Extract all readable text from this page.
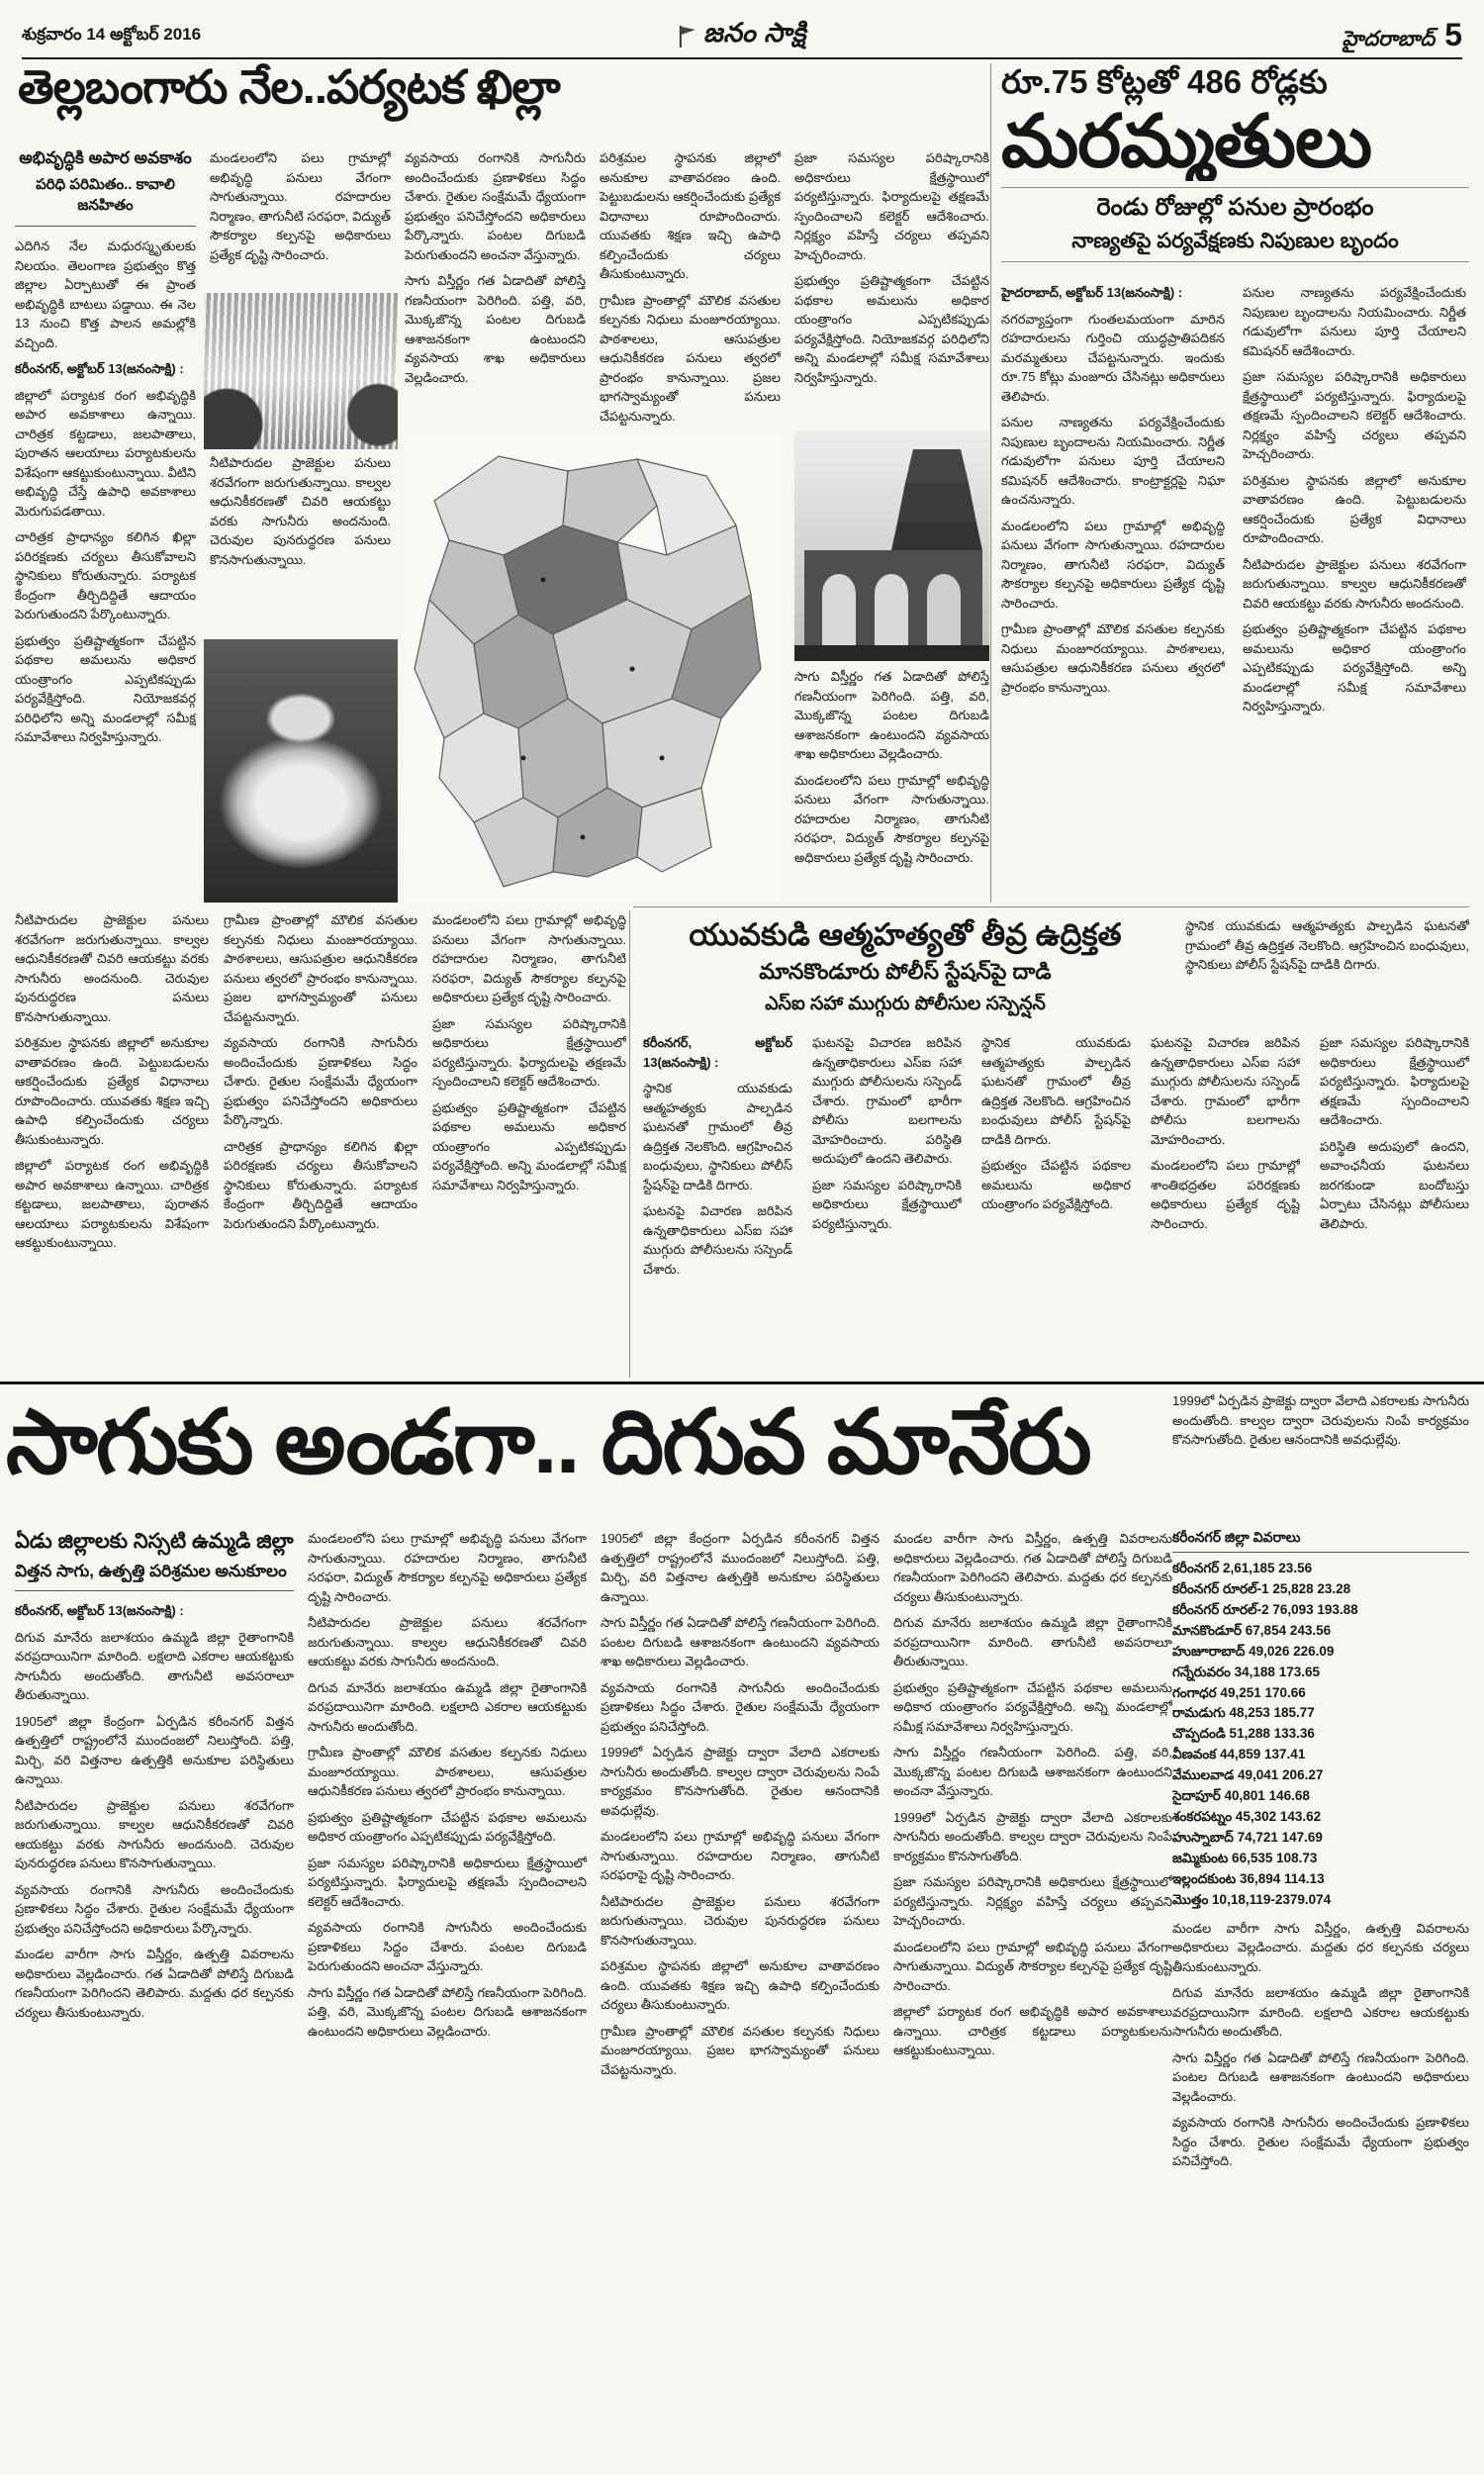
శుక్రవారం 14 అక్టోబర్ 2016	జనం సాక్షి	హైదరాబాద్ 5
తెల్లబంగారు నేల..పర్యటక ఖిల్లా
అభివృద్ధికి అపార అవకాశం
పరిధి పరిమితం.. కావాలి జనహితం

ఎదిగిన నేల మధురస్మృతులకు నిలయం. తెలంగాణ ప్రభుత్వం కొత్త జిల్లాల ఏర్పాటుతో ఈ ప్రాంత అభివృద్ధికి బాటలు పడ్డాయి. ఈ నెల 13 నుంచి కొత్త పాలన అమల్లోకి వచ్చింది.

కరీంనగర్, అక్టోబర్ 13(జనంసాక్షి) :

జిల్లాలో పర్యాటక రంగ అభివృద్ధికి అపార అవకాశాలు ఉన్నాయి. చారిత్రక కట్టడాలు, జలపాతాలు, పురాతన ఆలయాలు పర్యాటకులను విశేషంగా ఆకట్టుకుంటున్నాయి. వీటిని అభివృద్ధి చేస్తే ఉపాధి అవకాశాలు మెరుగుపడతాయి.

చారిత్రక ప్రాధాన్యం కలిగిన ఖిల్లా పరిరక్షణకు చర్యలు తీసుకోవాలని స్థానికులు కోరుతున్నారు. పర్యాటక కేంద్రంగా తీర్చిదిద్దితే ఆదాయం పెరుగుతుందని పేర్కొంటున్నారు.

ప్రభుత్వం ప్రతిష్టాత్మకంగా చేపట్టిన పథకాల అమలును అధికార యంత్రాంగం ఎప్పటికప్పుడు పర్యవేక్షిస్తోంది. నియోజకవర్గ పరిధిలోని అన్ని మండలాల్లో సమీక్ష సమావేశాలు నిర్వహిస్తున్నారు.

మండలంలోని పలు గ్రామాల్లో అభివృద్ధి పనులు వేగంగా సాగుతున్నాయి. రహదారుల నిర్మాణం, తాగునీటి సరఫరా, విద్యుత్ సౌకర్యాల కల్పనపై అధికారులు ప్రత్యేక దృష్టి సారించారు.

నీటిపారుదల ప్రాజెక్టుల పనులు శరవేగంగా జరుగుతున్నాయి. కాల్వల ఆధునికీకరణతో చివరి ఆయకట్టు వరకు సాగునీరు అందనుంది. చెరువుల పునరుద్ధరణ పనులు కొనసాగుతున్నాయి.

వ్యవసాయ రంగానికి సాగునీరు అందించేందుకు ప్రణాళికలు సిద్ధం చేశారు. రైతుల సంక్షేమమే ధ్యేయంగా ప్రభుత్వం పనిచేస్తోందని అధికారులు పేర్కొన్నారు. పంటల దిగుబడి పెరుగుతుందని అంచనా వేస్తున్నారు.

సాగు విస్తీర్ణం గత ఏడాదితో పోలిస్తే గణనీయంగా పెరిగింది. పత్తి, వరి, మొక్కజొన్న పంటల దిగుబడి ఆశాజనకంగా ఉంటుందని వ్యవసాయ శాఖ అధికారులు వెల్లడించారు.

పరిశ్రమల స్థాపనకు జిల్లాలో అనుకూల వాతావరణం ఉంది. పెట్టుబడులను ఆకర్షించేందుకు ప్రత్యేక విధానాలు రూపొందించారు. యువతకు శిక్షణ ఇచ్చి ఉపాధి కల్పించేందుకు చర్యలు తీసుకుంటున్నారు.

గ్రామీణ ప్రాంతాల్లో మౌలిక వసతుల కల్పనకు నిధులు మంజూరయ్యాయి. పాఠశాలలు, ఆసుపత్రుల ఆధునికీకరణ పనులు త్వరలో ప్రారంభం కానున్నాయి. ప్రజల భాగస్వామ్యంతో పనులు చేపట్టనున్నారు.

ప్రజా సమస్యల పరిష్కారానికి అధికారులు క్షేత్రస్థాయిలో పర్యటిస్తున్నారు. ఫిర్యాదులపై తక్షణమే స్పందించాలని కలెక్టర్ ఆదేశించారు. నిర్లక్ష్యం వహిస్తే చర్యలు తప్పవని హెచ్చరించారు.

ప్రభుత్వం ప్రతిష్టాత్మకంగా చేపట్టిన పథకాల అమలును అధికార యంత్రాంగం ఎప్పటికప్పుడు పర్యవేక్షిస్తోంది. నియోజకవర్గ పరిధిలోని అన్ని మండలాల్లో సమీక్ష సమావేశాలు నిర్వహిస్తున్నారు.

సాగు విస్తీర్ణం గత ఏడాదితో పోలిస్తే గణనీయంగా పెరిగింది. పత్తి, వరి, మొక్కజొన్న పంటల దిగుబడి ఆశాజనకంగా ఉంటుందని వ్యవసాయ శాఖ అధికారులు వెల్లడించారు.

మండలంలోని పలు గ్రామాల్లో అభివృద్ధి పనులు వేగంగా సాగుతున్నాయి. రహదారుల నిర్మాణం, తాగునీటి సరఫరా, విద్యుత్ సౌకర్యాల కల్పనపై అధికారులు ప్రత్యేక దృష్టి సారించారు.

నీటిపారుదల ప్రాజెక్టుల పనులు శరవేగంగా జరుగుతున్నాయి. కాల్వల ఆధునికీకరణతో చివరి ఆయకట్టు వరకు సాగునీరు అందనుంది. చెరువుల పునరుద్ధరణ పనులు కొనసాగుతున్నాయి.

పరిశ్రమల స్థాపనకు జిల్లాలో అనుకూల వాతావరణం ఉంది. పెట్టుబడులను ఆకర్షించేందుకు ప్రత్యేక విధానాలు రూపొందించారు. యువతకు శిక్షణ ఇచ్చి ఉపాధి కల్పించేందుకు చర్యలు తీసుకుంటున్నారు.

జిల్లాలో పర్యాటక రంగ అభివృద్ధికి అపార అవకాశాలు ఉన్నాయి. చారిత్రక కట్టడాలు, జలపాతాలు, పురాతన ఆలయాలు పర్యాటకులను విశేషంగా ఆకట్టుకుంటున్నాయి.

గ్రామీణ ప్రాంతాల్లో మౌలిక వసతుల కల్పనకు నిధులు మంజూరయ్యాయి. పాఠశాలలు, ఆసుపత్రుల ఆధునికీకరణ పనులు త్వరలో ప్రారంభం కానున్నాయి. ప్రజల భాగస్వామ్యంతో పనులు చేపట్టనున్నారు.

వ్యవసాయ రంగానికి సాగునీరు అందించేందుకు ప్రణాళికలు సిద్ధం చేశారు. రైతుల సంక్షేమమే ధ్యేయంగా ప్రభుత్వం పనిచేస్తోందని అధికారులు పేర్కొన్నారు.

చారిత్రక ప్రాధాన్యం కలిగిన ఖిల్లా పరిరక్షణకు చర్యలు తీసుకోవాలని స్థానికులు కోరుతున్నారు. పర్యాటక కేంద్రంగా తీర్చిదిద్దితే ఆదాయం పెరుగుతుందని పేర్కొంటున్నారు.

మండలంలోని పలు గ్రామాల్లో అభివృద్ధి పనులు వేగంగా సాగుతున్నాయి. రహదారుల నిర్మాణం, తాగునీటి సరఫరా, విద్యుత్ సౌకర్యాల కల్పనపై అధికారులు ప్రత్యేక దృష్టి సారించారు.

ప్రజా సమస్యల పరిష్కారానికి అధికారులు క్షేత్రస్థాయిలో పర్యటిస్తున్నారు. ఫిర్యాదులపై తక్షణమే స్పందించాలని కలెక్టర్ ఆదేశించారు.

ప్రభుత్వం ప్రతిష్టాత్మకంగా చేపట్టిన పథకాల అమలును అధికార యంత్రాంగం ఎప్పటికప్పుడు పర్యవేక్షిస్తోంది. అన్ని మండలాల్లో సమీక్ష సమావేశాలు నిర్వహిస్తున్నారు.

రూ.75 కోట్లతో 486 రోడ్లకు
మరమ్మతులు
రెండు రోజుల్లో పనుల ప్రారంభం
నాణ్యతపై పర్యవేక్షణకు నిపుణుల బృందం

హైదరాబాద్, అక్టోబర్ 13(జనంసాక్షి) :

నగరవ్యాప్తంగా గుంతలమయంగా మారిన రహదారులను గుర్తించి యుద్ధప్రాతిపదికన మరమ్మతులు చేపట్టనున్నారు. ఇందుకు రూ.75 కోట్లు మంజూరు చేసినట్లు అధికారులు తెలిపారు.

పనుల నాణ్యతను పర్యవేక్షించేందుకు నిపుణుల బృందాలను నియమించారు. నిర్ణీత గడువులోగా పనులు పూర్తి చేయాలని కమిషనర్ ఆదేశించారు. కాంట్రాక్టర్లపై నిఘా ఉంచనున్నారు.

మండలంలోని పలు గ్రామాల్లో అభివృద్ధి పనులు వేగంగా సాగుతున్నాయి. రహదారుల నిర్మాణం, తాగునీటి సరఫరా, విద్యుత్ సౌకర్యాల కల్పనపై అధికారులు ప్రత్యేక దృష్టి సారించారు.

గ్రామీణ ప్రాంతాల్లో మౌలిక వసతుల కల్పనకు నిధులు మంజూరయ్యాయి. పాఠశాలలు, ఆసుపత్రుల ఆధునికీకరణ పనులు త్వరలో ప్రారంభం కానున్నాయి.

పనుల నాణ్యతను పర్యవేక్షించేందుకు నిపుణుల బృందాలను నియమించారు. నిర్ణీత గడువులోగా పనులు పూర్తి చేయాలని కమిషనర్ ఆదేశించారు.

ప్రజా సమస్యల పరిష్కారానికి అధికారులు క్షేత్రస్థాయిలో పర్యటిస్తున్నారు. ఫిర్యాదులపై తక్షణమే స్పందించాలని కలెక్టర్ ఆదేశించారు. నిర్లక్ష్యం వహిస్తే చర్యలు తప్పవని హెచ్చరించారు.

పరిశ్రమల స్థాపనకు జిల్లాలో అనుకూల వాతావరణం ఉంది. పెట్టుబడులను ఆకర్షించేందుకు ప్రత్యేక విధానాలు రూపొందించారు.

నీటిపారుదల ప్రాజెక్టుల పనులు శరవేగంగా జరుగుతున్నాయి. కాల్వల ఆధునికీకరణతో చివరి ఆయకట్టు వరకు సాగునీరు అందనుంది.

ప్రభుత్వం ప్రతిష్టాత్మకంగా చేపట్టిన పథకాల అమలును అధికార యంత్రాంగం ఎప్పటికప్పుడు పర్యవేక్షిస్తోంది. అన్ని మండలాల్లో సమీక్ష సమావేశాలు నిర్వహిస్తున్నారు.

యువకుడి ఆత్మహత్యతో తీవ్ర ఉద్రిక్తత
మానకొండూరు పోలీస్ స్టేషన్‌పై దాడి
ఎస్ఐ సహా ముగ్గురు పోలీసుల సస్పెన్షన్

స్థానిక యువకుడు ఆత్మహత్యకు పాల్పడిన ఘటనతో గ్రామంలో తీవ్ర ఉద్రిక్తత నెలకొంది. ఆగ్రహించిన బంధువులు, స్థానికులు పోలీస్ స్టేషన్‌పై దాడికి దిగారు.

కరీంనగర్, అక్టోబర్ 13(జనంసాక్షి) :

స్థానిక యువకుడు ఆత్మహత్యకు పాల్పడిన ఘటనతో గ్రామంలో తీవ్ర ఉద్రిక్తత నెలకొంది. ఆగ్రహించిన బంధువులు, స్థానికులు పోలీస్ స్టేషన్‌పై దాడికి దిగారు.

ఘటనపై విచారణ జరిపిన ఉన్నతాధికారులు ఎస్ఐ సహా ముగ్గురు పోలీసులను సస్పెండ్ చేశారు.

ఘటనపై విచారణ జరిపిన ఉన్నతాధికారులు ఎస్ఐ సహా ముగ్గురు పోలీసులను సస్పెండ్ చేశారు. గ్రామంలో భారీగా పోలీసు బలగాలను మోహరించారు. పరిస్థితి అదుపులో ఉందని తెలిపారు.

ప్రజా సమస్యల పరిష్కారానికి అధికారులు క్షేత్రస్థాయిలో పర్యటిస్తున్నారు.

స్థానిక యువకుడు ఆత్మహత్యకు పాల్పడిన ఘటనతో గ్రామంలో తీవ్ర ఉద్రిక్తత నెలకొంది. ఆగ్రహించిన బంధువులు పోలీస్ స్టేషన్‌పై దాడికి దిగారు.

ప్రభుత్వం చేపట్టిన పథకాల అమలును అధికార యంత్రాంగం పర్యవేక్షిస్తోంది.

ఘటనపై విచారణ జరిపిన ఉన్నతాధికారులు ఎస్ఐ సహా ముగ్గురు పోలీసులను సస్పెండ్ చేశారు. గ్రామంలో భారీగా పోలీసు బలగాలను మోహరించారు.

మండలంలోని పలు గ్రామాల్లో శాంతిభద్రతల పరిరక్షణకు అధికారులు ప్రత్యేక దృష్టి సారించారు.

ప్రజా సమస్యల పరిష్కారానికి అధికారులు క్షేత్రస్థాయిలో పర్యటిస్తున్నారు. ఫిర్యాదులపై తక్షణమే స్పందించాలని ఆదేశించారు.

పరిస్థితి అదుపులో ఉందని, అవాంఛనీయ ఘటనలు జరగకుండా బందోబస్తు ఏర్పాటు చేసినట్లు పోలీసులు తెలిపారు.

సాగుకు అండగా.. దిగువ మానేరు	1999లో ఏర్పడిన ప్రాజెక్టు ద్వారా వేలాది ఎకరాలకు సాగునీరు అందుతోంది. కాల్వల ద్వారా చెరువులను నింపే కార్యక్రమం కొనసాగుతోంది. రైతుల ఆనందానికి అవధుల్లేవు.

ఏడు జిల్లాలకు నిస్సటి ఉమ్మడి జిల్లా
విత్తన సాగు, ఉత్పత్తి పరిశ్రమల అనుకూలం

కరీంనగర్, అక్టోబర్ 13(జనంసాక్షి) :

దిగువ మానేరు జలాశయం ఉమ్మడి జిల్లా రైతాంగానికి వరప్రదాయినిగా మారింది. లక్షలాది ఎకరాల ఆయకట్టుకు సాగునీరు అందుతోంది. తాగునీటి అవసరాలూ తీరుతున్నాయి.

1905లో జిల్లా కేంద్రంగా ఏర్పడిన కరీంనగర్ విత్తన ఉత్పత్తిలో రాష్ట్రంలోనే ముందంజలో నిలుస్తోంది. పత్తి, మిర్చి, వరి విత్తనాల ఉత్పత్తికి అనుకూల పరిస్థితులు ఉన్నాయి.

నీటిపారుదల ప్రాజెక్టుల పనులు శరవేగంగా జరుగుతున్నాయి. కాల్వల ఆధునికీకరణతో చివరి ఆయకట్టు వరకు సాగునీరు అందనుంది. చెరువుల పునరుద్ధరణ పనులు కొనసాగుతున్నాయి.

వ్యవసాయ రంగానికి సాగునీరు అందించేందుకు ప్రణాళికలు సిద్ధం చేశారు. రైతుల సంక్షేమమే ధ్యేయంగా ప్రభుత్వం పనిచేస్తోందని అధికారులు పేర్కొన్నారు.

మండల వారీగా సాగు విస్తీర్ణం, ఉత్పత్తి వివరాలను అధికారులు వెల్లడించారు. గత ఏడాదితో పోలిస్తే దిగుబడి గణనీయంగా పెరిగిందని తెలిపారు. మద్దతు ధర కల్పనకు చర్యలు తీసుకుంటున్నారు.

మండలంలోని పలు గ్రామాల్లో అభివృద్ధి పనులు వేగంగా సాగుతున్నాయి. రహదారుల నిర్మాణం, తాగునీటి సరఫరా, విద్యుత్ సౌకర్యాల కల్పనపై అధికారులు ప్రత్యేక దృష్టి సారించారు.

నీటిపారుదల ప్రాజెక్టుల పనులు శరవేగంగా జరుగుతున్నాయి. కాల్వల ఆధునికీకరణతో చివరి ఆయకట్టు వరకు సాగునీరు అందనుంది.

దిగువ మానేరు జలాశయం ఉమ్మడి జిల్లా రైతాంగానికి వరప్రదాయినిగా మారింది. లక్షలాది ఎకరాల ఆయకట్టుకు సాగునీరు అందుతోంది.

గ్రామీణ ప్రాంతాల్లో మౌలిక వసతుల కల్పనకు నిధులు మంజూరయ్యాయి. పాఠశాలలు, ఆసుపత్రుల ఆధునికీకరణ పనులు త్వరలో ప్రారంభం కానున్నాయి.

ప్రభుత్వం ప్రతిష్టాత్మకంగా చేపట్టిన పథకాల అమలును అధికార యంత్రాంగం ఎప్పటికప్పుడు పర్యవేక్షిస్తోంది.

ప్రజా సమస్యల పరిష్కారానికి అధికారులు క్షేత్రస్థాయిలో పర్యటిస్తున్నారు. ఫిర్యాదులపై తక్షణమే స్పందించాలని కలెక్టర్ ఆదేశించారు.

వ్యవసాయ రంగానికి సాగునీరు అందించేందుకు ప్రణాళికలు సిద్ధం చేశారు. పంటల దిగుబడి పెరుగుతుందని అంచనా వేస్తున్నారు.

సాగు విస్తీర్ణం గత ఏడాదితో పోలిస్తే గణనీయంగా పెరిగింది. పత్తి, వరి, మొక్కజొన్న పంటల దిగుబడి ఆశాజనకంగా ఉంటుందని అధికారులు వెల్లడించారు.

1905లో జిల్లా కేంద్రంగా ఏర్పడిన కరీంనగర్ విత్తన ఉత్పత్తిలో రాష్ట్రంలోనే ముందంజలో నిలుస్తోంది. పత్తి, మిర్చి, వరి విత్తనాల ఉత్పత్తికి అనుకూల పరిస్థితులు ఉన్నాయి.

సాగు విస్తీర్ణం గత ఏడాదితో పోలిస్తే గణనీయంగా పెరిగింది. పంటల దిగుబడి ఆశాజనకంగా ఉంటుందని వ్యవసాయ శాఖ అధికారులు వెల్లడించారు.

వ్యవసాయ రంగానికి సాగునీరు అందించేందుకు ప్రణాళికలు సిద్ధం చేశారు. రైతుల సంక్షేమమే ధ్యేయంగా ప్రభుత్వం పనిచేస్తోంది.

1999లో ఏర్పడిన ప్రాజెక్టు ద్వారా వేలాది ఎకరాలకు సాగునీరు అందుతోంది. కాల్వల ద్వారా చెరువులను నింపే కార్యక్రమం కొనసాగుతోంది. రైతుల ఆనందానికి అవధుల్లేవు.

మండలంలోని పలు గ్రామాల్లో అభివృద్ధి పనులు వేగంగా సాగుతున్నాయి. రహదారుల నిర్మాణం, తాగునీటి సరఫరాపై దృష్టి సారించారు.

నీటిపారుదల ప్రాజెక్టుల పనులు శరవేగంగా జరుగుతున్నాయి. చెరువుల పునరుద్ధరణ పనులు కొనసాగుతున్నాయి.

పరిశ్రమల స్థాపనకు జిల్లాలో అనుకూల వాతావరణం ఉంది. యువతకు శిక్షణ ఇచ్చి ఉపాధి కల్పించేందుకు చర్యలు తీసుకుంటున్నారు.

గ్రామీణ ప్రాంతాల్లో మౌలిక వసతుల కల్పనకు నిధులు మంజూరయ్యాయి. ప్రజల భాగస్వామ్యంతో పనులు చేపట్టనున్నారు.

మండల వారీగా సాగు విస్తీర్ణం, ఉత్పత్తి వివరాలను అధికారులు వెల్లడించారు. గత ఏడాదితో పోలిస్తే దిగుబడి గణనీయంగా పెరిగిందని తెలిపారు. మద్దతు ధర కల్పనకు చర్యలు తీసుకుంటున్నారు.

దిగువ మానేరు జలాశయం ఉమ్మడి జిల్లా రైతాంగానికి వరప్రదాయినిగా మారింది. తాగునీటి అవసరాలూ తీరుతున్నాయి.

ప్రభుత్వం ప్రతిష్టాత్మకంగా చేపట్టిన పథకాల అమలును అధికార యంత్రాంగం పర్యవేక్షిస్తోంది. అన్ని మండలాల్లో సమీక్ష సమావేశాలు నిర్వహిస్తున్నారు.

సాగు విస్తీర్ణం గణనీయంగా పెరిగింది. పత్తి, వరి, మొక్కజొన్న పంటల దిగుబడి ఆశాజనకంగా ఉంటుందని అంచనా వేస్తున్నారు.

1999లో ఏర్పడిన ప్రాజెక్టు ద్వారా వేలాది ఎకరాలకు సాగునీరు అందుతోంది. కాల్వల ద్వారా చెరువులను నింపే కార్యక్రమం కొనసాగుతోంది.

ప్రజా సమస్యల పరిష్కారానికి అధికారులు క్షేత్రస్థాయిలో పర్యటిస్తున్నారు. నిర్లక్ష్యం వహిస్తే చర్యలు తప్పవని హెచ్చరించారు.

మండలంలోని పలు గ్రామాల్లో అభివృద్ధి పనులు వేగంగా సాగుతున్నాయి. విద్యుత్ సౌకర్యాల కల్పనపై ప్రత్యేక దృష్టి సారించారు.

జిల్లాలో పర్యాటక రంగ అభివృద్ధికి అపార అవకాశాలు ఉన్నాయి. చారిత్రక కట్టడాలు పర్యాటకులను ఆకట్టుకుంటున్నాయి.

కరీంనగర్ జిల్లా వివరాలు

కరీంనగర్ 2,61,185 23.56

కరీంనగర్ రూరల్-1 25,828 23.28

కరీంనగర్ రూరల్-2 76,093 193.88

మానకొండూర్ 67,854 243.56

హుజూరాబాద్ 49,026 226.09

గన్నేరువరం 34,188 173.65

గంగాధర 49,251 170.66

రామడుగు 48,253 185.77

చొప్పదండి 51,288 133.36

వీణవంక 44,859 137.41

వేములవాడ 49,041 206.27

సైదాపూర్ 40,801 146.68

శంకరపట్నం 45,302 143.62

హుస్నాబాద్ 74,721 147.69

జమ్మికుంట 66,535 108.73

ఇల్లందకుంట 36,894 114.13

మొత్తం 10,18,119-2379.074

మండల వారీగా సాగు విస్తీర్ణం, ఉత్పత్తి వివరాలను అధికారులు వెల్లడించారు. మద్దతు ధర కల్పనకు చర్యలు తీసుకుంటున్నారు.

దిగువ మానేరు జలాశయం ఉమ్మడి జిల్లా రైతాంగానికి వరప్రదాయినిగా మారింది. లక్షలాది ఎకరాల ఆయకట్టుకు సాగునీరు అందుతోంది.

సాగు విస్తీర్ణం గత ఏడాదితో పోలిస్తే గణనీయంగా పెరిగింది. పంటల దిగుబడి ఆశాజనకంగా ఉంటుందని అధికారులు వెల్లడించారు.

వ్యవసాయ రంగానికి సాగునీరు అందించేందుకు ప్రణాళికలు సిద్ధం చేశారు. రైతుల సంక్షేమమే ధ్యేయంగా ప్రభుత్వం పనిచేస్తోంది.
